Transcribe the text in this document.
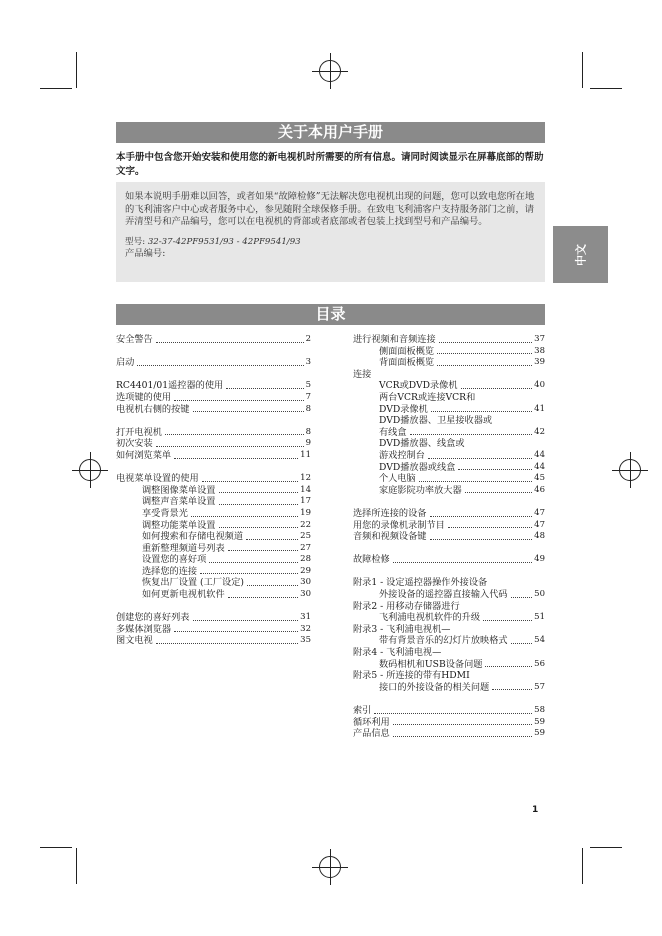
关于本用户手册
本手册中包含您开始安装和使用您的新电视机时所需要的所有信息。请同时阅读显示在屏幕底部的帮助文字。
如果本说明手册难以回答，或者如果“故障检修”无法解决您电视机出现的问题，您可以致电您所在地的飞利浦客户中心或者服务中心，参见随附全球保修手册。在致电飞利浦客户支持服务部门之前，请弄清型号和产品编号，您可以在电视机的背部或者底部或者包装上找到型号和产品编号。
型号: 32-37-42PF9531/93 - 42PF9541/93
产品编号:	中文
目录
安全警告	2
启动	3
RC4401/01遥控器的使用	5
选项键的使用	7
电视机右侧的按键	8
打开电视机	8
初次安装	9
如何浏览菜单	11
电视菜单设置的使用	12
调整图像菜单设置	14
调整声音菜单设置	17
享受背景光	19
调整功能菜单设置	22
如何搜索和存储电视频道	25
重新整理频道号列表	27
设置您的喜好项	28
选择您的连接	29
恢复出厂设置 (工厂设定)	30
如何更新电视机软件	30
创建您的喜好列表	31
多媒体浏览器	32
图文电视	35
进行视频和音频连接	37
侧面面板概览	38
背面面板概览	39
连接
VCR或DVD录像机	40
两台VCR或连接VCR和
DVD录像机	41
DVD播放器、卫星接收器或
有线盒	42
DVD播放器、线盒或
游戏控制台	44
DVD播放器或线盒	44
个人电脑	45
家庭影院功率放大器	46
选择所连接的设备	47
用您的录像机录制节目	47
音频和视频设备键	48
故障检修	49
附录1 - 设定遥控器操作外接设备
外接设备的遥控器直接输入代码	50
附录2 - 用移动存储器进行
飞利浦电视机软件的升级	51
附录3 - 飞利浦电视机—
带有背景音乐的幻灯片放映格式	54
附录4 - 飞利浦电视—
数码相机和USB设备问题	56
附录5 - 所连接的带有HDMI
接口的外接设备的相关问题	57
索引	58
循环利用	59
产品信息	59
1
